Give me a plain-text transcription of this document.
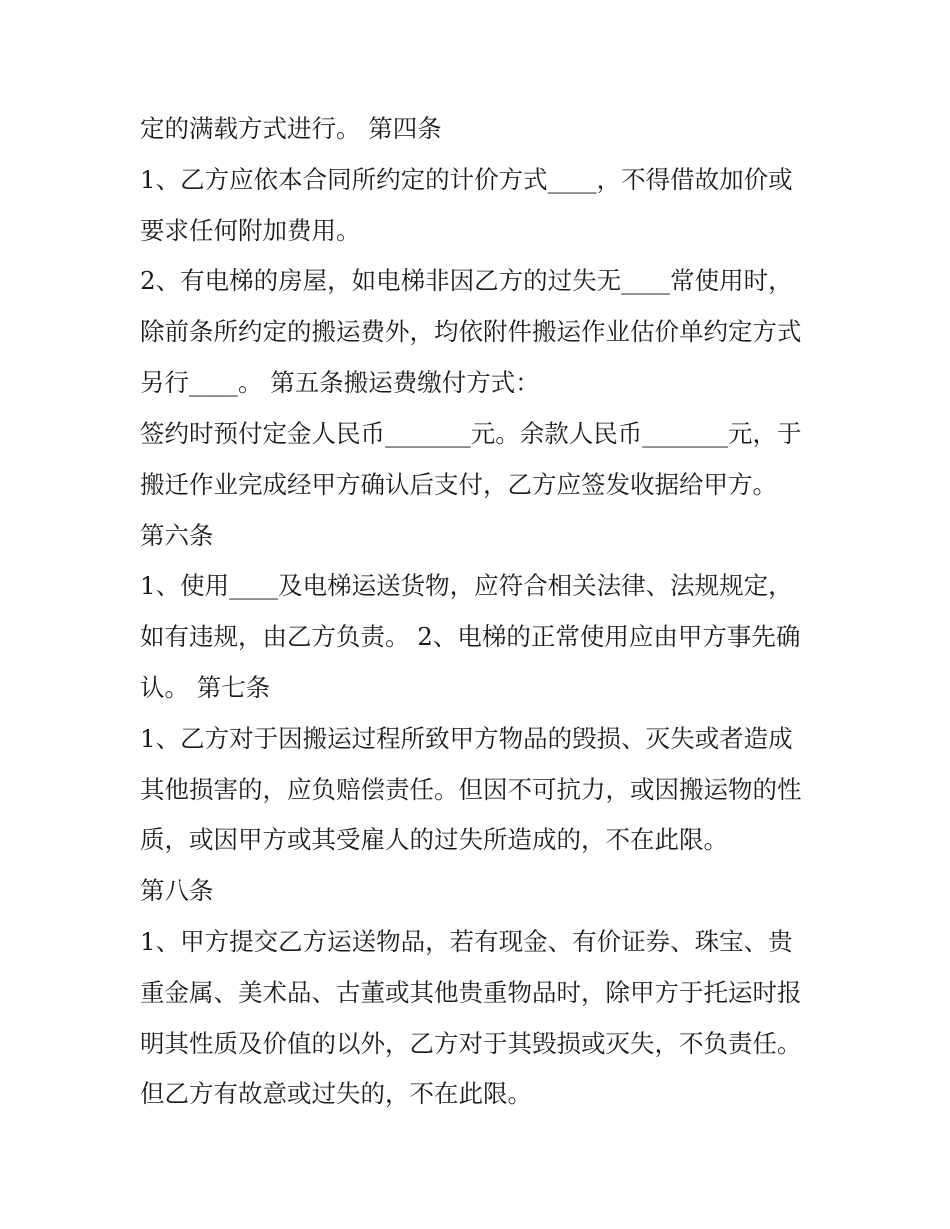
定的满载方式进行。 第四条
1、乙方应依本合同所约定的计价方式____，不得借故加价或
要求任何附加费用。
2、有电梯的房屋，如电梯非因乙方的过失无____常使用时，
除前条所约定的搬运费外，均依附件搬运作业估价单约定方式
另行____。 第五条搬运费缴付方式：
签约时预付定金人民币_______元。余款人民币_______元，于
搬迁作业完成经甲方确认后支付，乙方应签发收据给甲方。
第六条
1、使用____及电梯运送货物，应符合相关法律、法规规定，
如有违规，由乙方负责。 2、电梯的正常使用应由甲方事先确
认。 第七条
1、乙方对于因搬运过程所致甲方物品的毁损、灭失或者造成
其他损害的，应负赔偿责任。但因不可抗力，或因搬运物的性
质，或因甲方或其受雇人的过失所造成的，不在此限。
第八条
1、甲方提交乙方运送物品，若有现金、有价证券、珠宝、贵
重金属、美术品、古董或其他贵重物品时，除甲方于托运时报
明其性质及价值的以外，乙方对于其毁损或灭失，不负责任。
但乙方有故意或过失的，不在此限。
